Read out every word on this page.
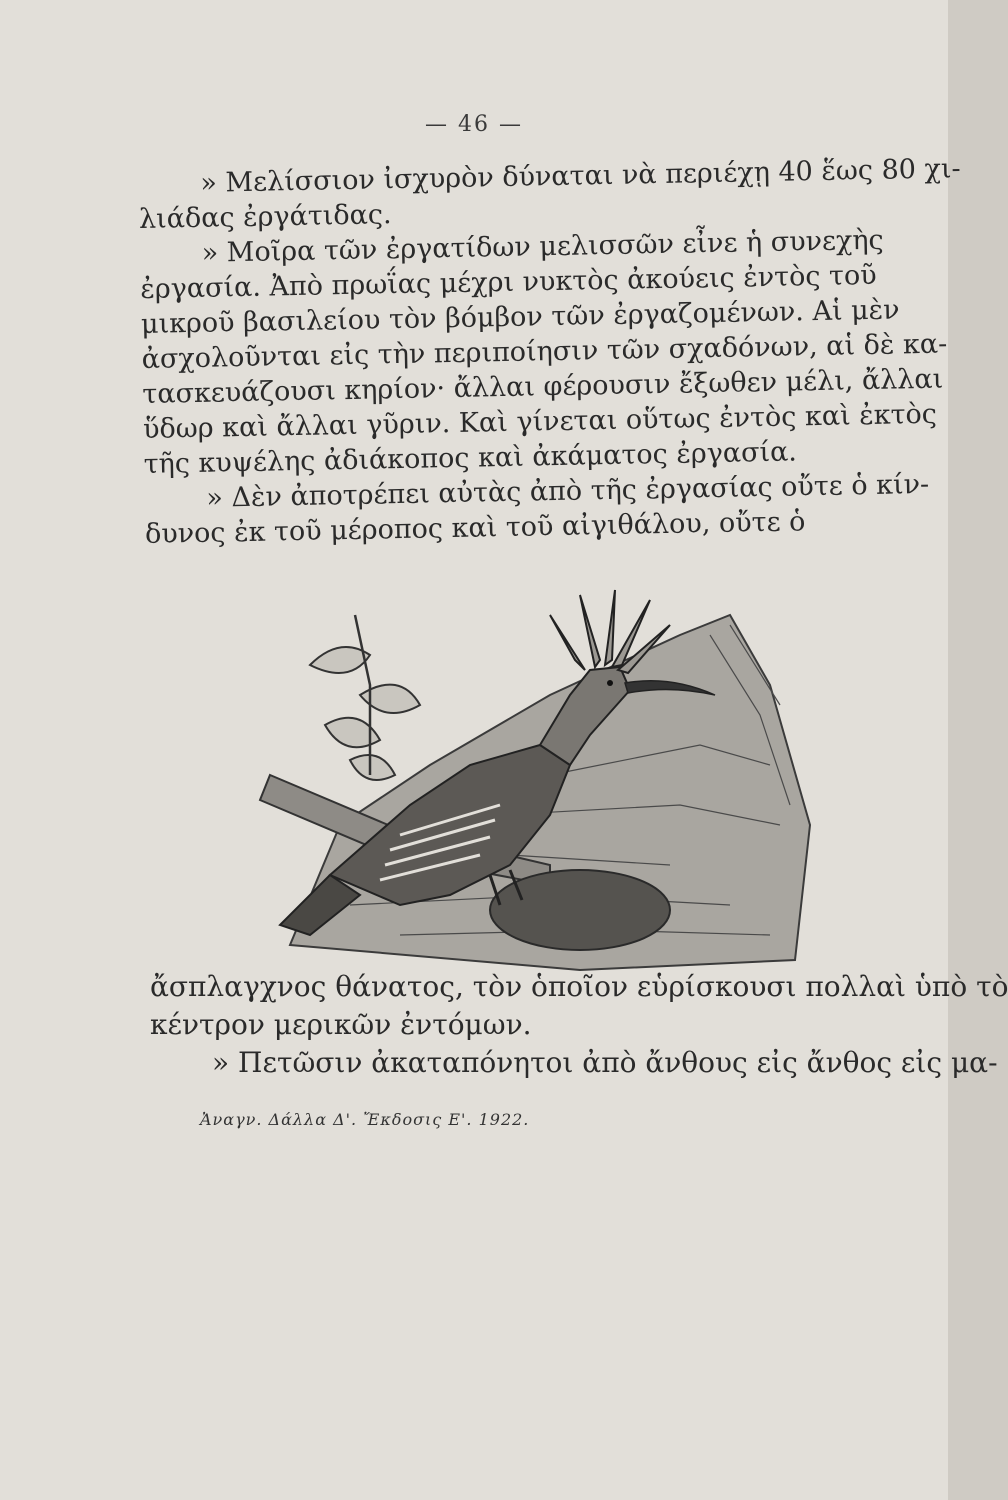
— 46 —
» Μελίσσιον ἰσχυρὸν δύναται νὰ περιέχῃ 40 ἕως 80 χι-
λιάδας ἐργάτιδας.
» Μοῖρα τῶν ἐργατίδων μελισσῶν εἶνε ἡ συνεχὴς
ἐργασία. Ἀπὸ πρωΐας μέχρι νυκτὸς ἀκούεις ἐντὸς τοῦ
μικροῦ βασιλείου τὸν βόμβον τῶν ἐργαζομένων. Αἱ μὲν
ἀσχολοῦνται εἰς τὴν περιποίησιν τῶν σχαδόνων, αἱ δὲ κα-
τασκευάζουσι κηρίον· ἄλλαι φέρουσιν ἔξωθεν μέλι, ἄλλαι
ὕδωρ καὶ ἄλλαι γῦριν. Καὶ γίνεται οὕτως ἐντὸς καὶ ἐκτὸς
τῆς κυψέλης ἀδιάκοπος καὶ ἀκάματος ἐργασία.
» Δὲν ἀποτρέπει αὐτὰς ἀπὸ τῆς ἐργασίας οὔτε ὁ κίν-
δυνος ἐκ τοῦ μέροπος καὶ τοῦ αἰγιθάλου, οὔτε ὁ
ἄσπλαγχνος θάνατος, τὸν ὁποῖον εὑρίσκουσι πολλαὶ ὑπὸ τὸ
κέντρον μερικῶν ἐντόμων.
» Πετῶσιν ἀκαταπόνητοι ἀπὸ ἄνθους εἰς ἄνθος εἰς μα-
Ἀναγν. Δάλλα Δ'. Ἔκδοσις Ε'. 1922.
